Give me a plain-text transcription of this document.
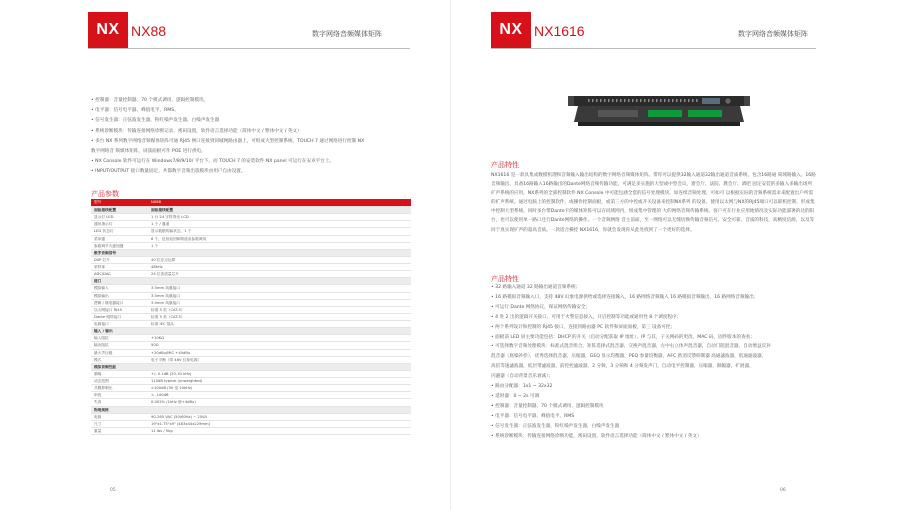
NX NX88	数字网络音频媒体矩阵
• 控制器：音量控制器、70 个模式调用、逻辑控制模块。
• 电平器：信号电平器、峰值电平、RMS。
• 信号发生器：正弦波发生器，粉红噪声发生器，白噪声发生器
• 系统诊断模块：传输连接网络诊断记录，密码设置，软件语言选择功能（简体中文 / 繁体中文 / 英文）
• 多台 NX 系列数字网络音频媒体矩阵可通 RJ45 网口连接到同城网路由器上，可组成大型控制系统，TOUCH 7 通过网络进行控制 NX
数字网络音 频媒体矩阵，屏簇面板可作 POE 进行供电。
• NX Console 软件可运行在 Windows7/8/9/10/ 平台下，而 TOUCH 7 的安装软件 NX panel 可运行在安卓平台上。
• INPUT/OUTPUT 接口数量固定，共都数字音频出簇模块由用户自由设置。
产品参数
型号	NX88
面板接线配置	面板接线配置
显示灯 LED	1 行 24 字符背光 LCD
通讯指示灯	1 个 / 通道
LED 状态灯	显示数据传输状态，1 个
菜单键	6 个，包括返回和路迹录参数调用
参数调节大旋钮键	1 个
数字音频信号	
DSP 芯片	40 位浮点运算
采样率	48kHz
ADC/DAC	24 位高质量芯片
接口	
模拟输入	3.5mm 凤凰接口
模拟输出	3.5mm 凤凰接口
逻辑 / 继电器接口	3.5mm 凤凰接口
以太网接口 RJ45	标准 5 类（CAT-5）
Dante 网络接口	标准 5 类（CAT-5）
电源接口	标准 IEC 插头
输入 / 输出	
输入阻抗	+10KΩ
输出阻抗	50Ω
最大声压级	+20dBu/MIC +40dBu
模式	电子平衡（带 48V 幻象电源）
模拟音频性能	
频响	+/- 0.1dB (20-30 kHz)
动态范围	110dB typical (unweighted)
共模抑制比	>100dB (50 至 10kHz)
串扰	< -100dB
失真	0.002% (1kHz @+4dBu)
物理规格	
电源	90-265 VAC (50/60Hz) ~ 20VA
尺寸	19"x1.75"x9" (483x44x229mm)
重量	11 lbs / 5kg
05
NX NX1616	数字网络音频媒体矩阵
产品特性

NX1616 是一款具集成数模机理和音频输入输出结构的数字网络音频媒体矩阵。带你可以提供32输入通道32输出通道音质系统，包含16路通 简域路输入、16路音频输出、具备16路输入16路输出的Dante网络音频传输功能。可满足多实施的大型或中型会议，窗会厅、法院、教会厅、酒吧 固定安装的多输入多输出场所扩声系统的应用。NX系列的全部控制软件 NX Console 中可能包涵全套的信号处理模块。如连续音频处理，可如可 以根据实际的音频系统需求来配置出户所需的扩声系统。通过电脑上的控制软件，或操作控制面板，或第三方的中控或开关设备来控制NX系列 的设备。使用以太网与NX的RJ45端口可以联机控制，形成集中控制大型系统。同时多台带Dante卡的媒体矩阵可以在同域网内，组成集中管理的 大的网络音频传输系统。客户可在行业应用地情况及实际功能部署的达的阳台，也可以使用单一路口还行Dante网络的操作。一个音频网络 音主前面，至一网络可以无缝切换传输音频信号。安全可靠。音质的科技，高精度信源，以及等同于真实现扩声的超高音质。一款适合操控 NX1616，你就会发现你从此处找到了一个更好的选择。

产品特性
• 32 路输入通道 32 路输出通道音频系统；
• 16 路模拟音频输入口，支持 48V 幻象电源供给或选择连接输入，16 路网络音频输入 16 路模拟音频输出，16 路网络音频输出；
• 可运行 Dante 网络协议，保证网络传输安全；
• 4 进 2 出的逻辑开关接口，可用于火警信息接入，开启控制等功能或通用性 8 个调度程序；
• 两个系列设计和控制的 RJ45 接口，连接到路由器 PC 软件和屏面面板，第三 设备可控；
• 面板前 LED 屏主要功能包括：DHCP 的开关（启动分配获取 IP 地址），IP 与其，子关网码的更改，MAC 码，固件版本的查看；
• 可选择数字音频处理模块：标准式混音组合，矩阵选择式混音器，交换声混音器，左中右立体声混音器，自动门阻混音器，自动增益反补
混音器（底噪补偿），优秀选择混音器，压缩器，GEQ 显示均衡器，PEQ 参量均衡器，AFC 新消反馈抑制器 高通滤波器，低通滤波器，
高倍等速滤波器，低层带滤波器，前控控滤波器，2 分频，3 分频和 4 分频发声门，自动电平控制器，压缩器，限幅器，扩展器，
闪避器（自动背景音乐衰减）；
• 路由分配器：1x1 ~ 32x32
• 延时器：0 ~ 2s 可调
• 控制器：音量控制器、70 个模式调用、逻辑控制模块
• 电平器：信号电平器、峰值电平、RMS
• 信号发生器：正弦波发生器，粉红噪声发生器，白噪声发生器
• 系统诊断模块：传输连接网络诊断功能，密码设置，软件语言选择功能（简体中文 / 繁体中文 / 英文）
06
